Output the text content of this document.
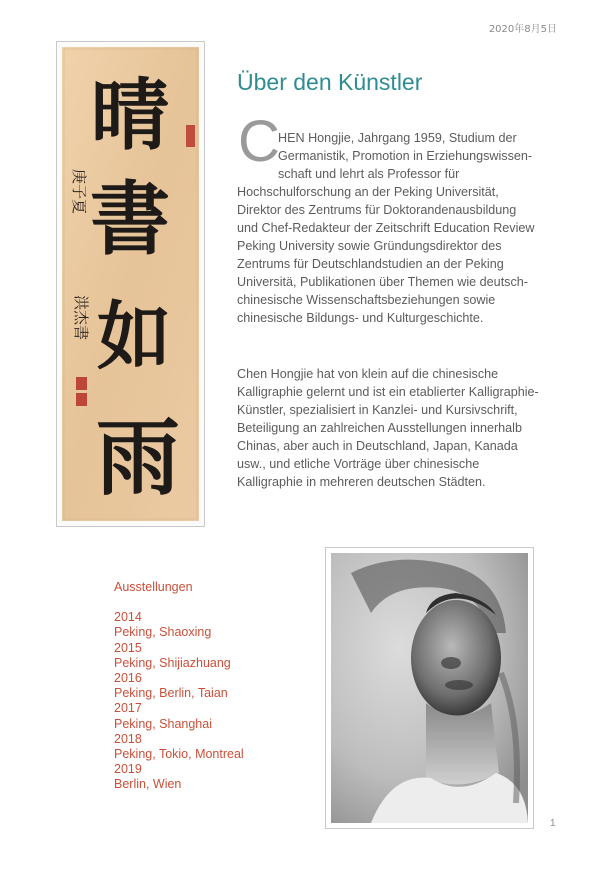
2020年8月5日
晴
書
如
雨
庚子夏
洪杰書
Über den Künstler
C

HEN Hongjie, Jahrgang 1959, Studium der

Germanistik, Promotion in Erziehungswissen-

schaft und lehrt als Professor für

Hochschulforschung an der Peking Universität,

Direktor des Zentrums für Doktorandenausbildung

und Chef-Redakteur der Zeitschrift Education Review

Peking University sowie Gründungsdirektor des

Zentrums für Deutschlandstudien an der Peking

Universitä, Publikationen über Themen wie deutsch-

chinesische Wissenschaftsbeziehungen sowie

chinesische Bildungs- und Kulturgeschichte.

Chen Hongjie hat von klein auf die chinesische

Kalligraphie gelernt und ist ein etablierter Kalligraphie-

Künstler, spezialisiert in Kanzlei- und Kursivschrift,

Beteiligung an zahlreichen Ausstellungen innerhalb

Chinas, aber auch in Deutschland, Japan, Kanada

usw., und etliche Vorträge über chinesische

Kalligraphie in mehreren deutschen Städten.

Ausstellungen
2014
Peking, Shaoxing
2015
Peking, Shijiazhuang
2016
Peking, Berlin, Taian
2017
Peking, Shanghai
2018
Peking, Tokio, Montreal
2019
Berlin, Wien
1
